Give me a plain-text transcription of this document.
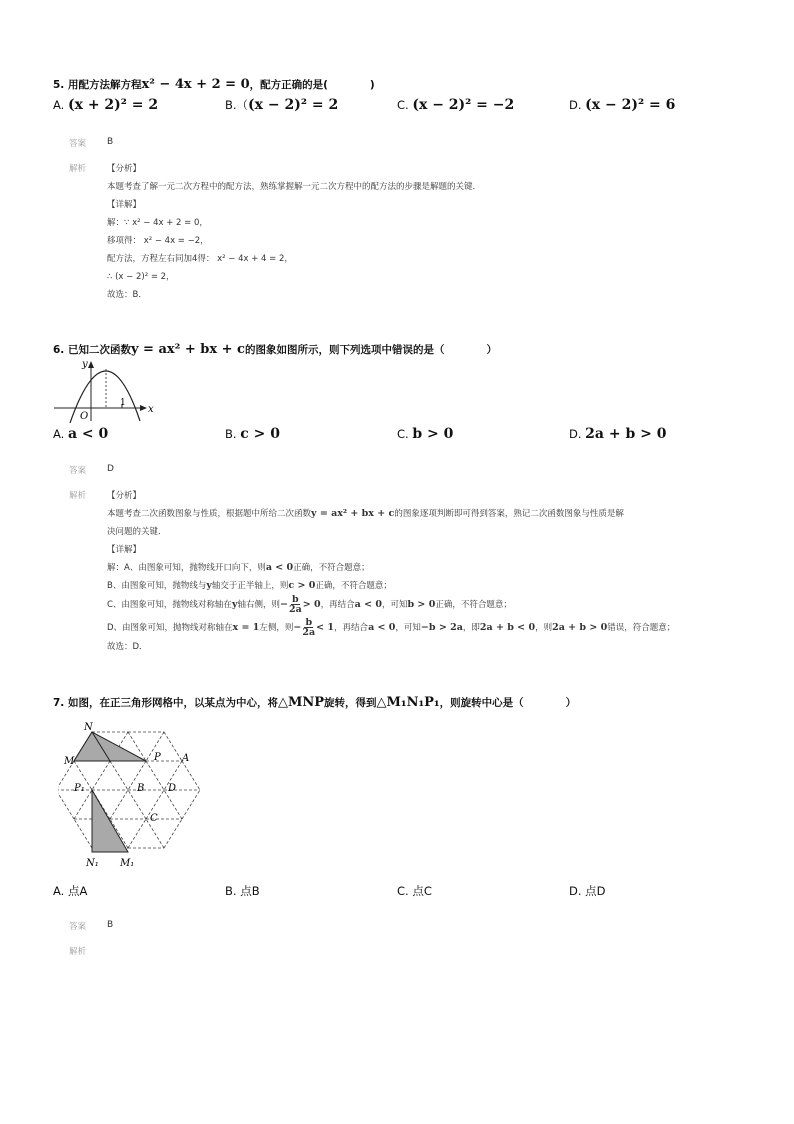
5. 用配方法解方程x² − 4x + 2 = 0，配方正确的是(　　　　)
A. (x + 2)² = 2	B.（(x − 2)² = 2	C. (x − 2)² = −2	D. (x − 2)² = 6
答案 B
解析 【分析】
本题考查了解一元二次方程中的配方法，熟练掌握解一元二次方程中的配方法的步骤是解题的关键．
【详解】
解：∵ x² − 4x + 2 = 0，
移项得： x² − 4x = −2，
配方法，方程左右同加4得： x² − 4x + 4 = 2，
∴ (x − 2)² = 2，
故选：B．
6. 已知二次函数y = ax² + bx + c的图象如图所示，则下列选项中错误的是（　　　　）
y
x
O
1
A. a < 0	B. c > 0	C. b > 0	D. 2a + b > 0
答案 D
解析 【分析】
本题考查二次函数图象与性质，根据题中所给二次函数y = ax² + bx + c的图象逐项判断即可得到答案，熟记二次函数图象与性质是解
决问题的关键．
【详解】
解：A、由图象可知，抛物线开口向下，则a < 0正确，不符合题意；
B、由图象可知，抛物线与y轴交于正半轴上，则c > 0正确，不符合题意；
C、由图象可知，抛物线对称轴在y轴右侧，则− $\frac{b}{2a} > 0$，再结合a < 0，可知b > 0正确，不符合题意；
D、由图象可知，抛物线对称轴在x = 1左侧，则− $\frac{b}{2a} < 1$，再结合a < 0，可知−b > 2a，即2a + b < 0，则2a + b > 0错误，符合题意；
故选：D．
7. 如图，在正三角形网格中，以某点为中心，将△MNP旋转，得到△M₁N₁P₁，则旋转中心是（　　　　）
N
M	P A
P₁	B D
C
N₁ M₁
A. 点A	B. 点B	C. 点C	D. 点D
答案 B
解析
